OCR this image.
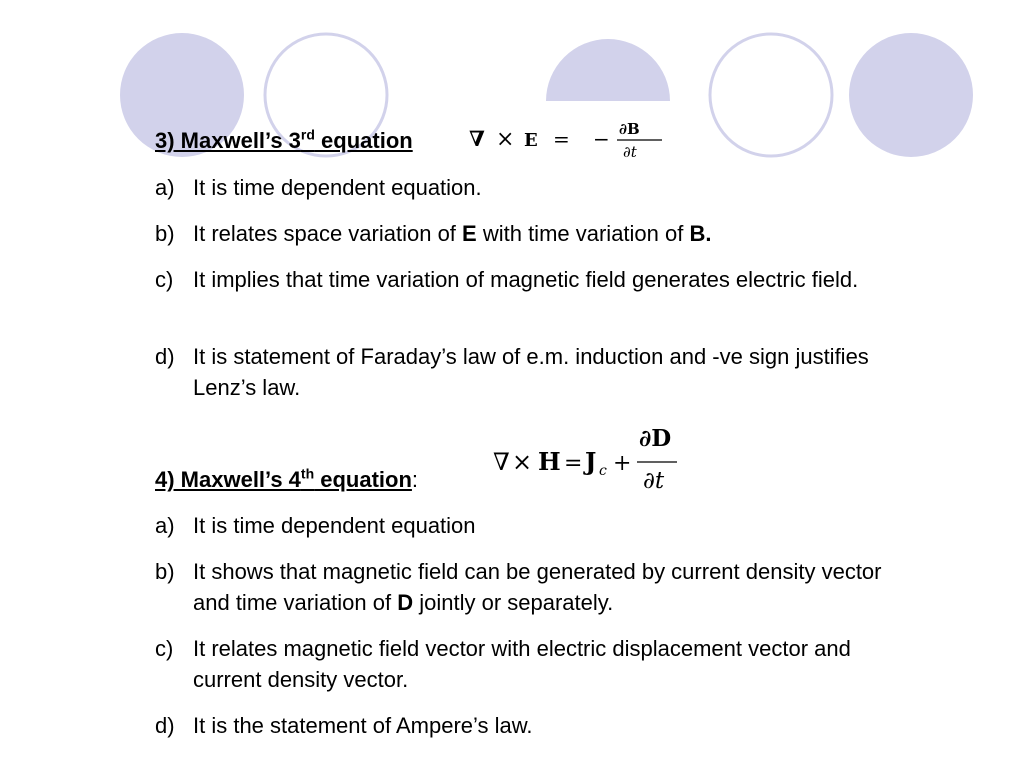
3) Maxwell’s 3rd equation	∇ × E = − ∂B
∂t
a) It is time dependent equation.
b) It relates space variation of E with time variation of B.
c) It implies that time variation of magnetic field generates electric field.
d) It is statement of Faraday’s law of e.m. induction and -ve sign justifies Lenz’s law.
∇ × H = J c +
∂D
∂t
4) Maxwell’s 4th equation:
a) It is time dependent equation
b) It shows that magnetic field can be generated by current density vector and time variation of D jointly or separately.
c) It relates magnetic field vector with electric displacement vector and current density vector.
d) It is the statement of Ampere’s law.
